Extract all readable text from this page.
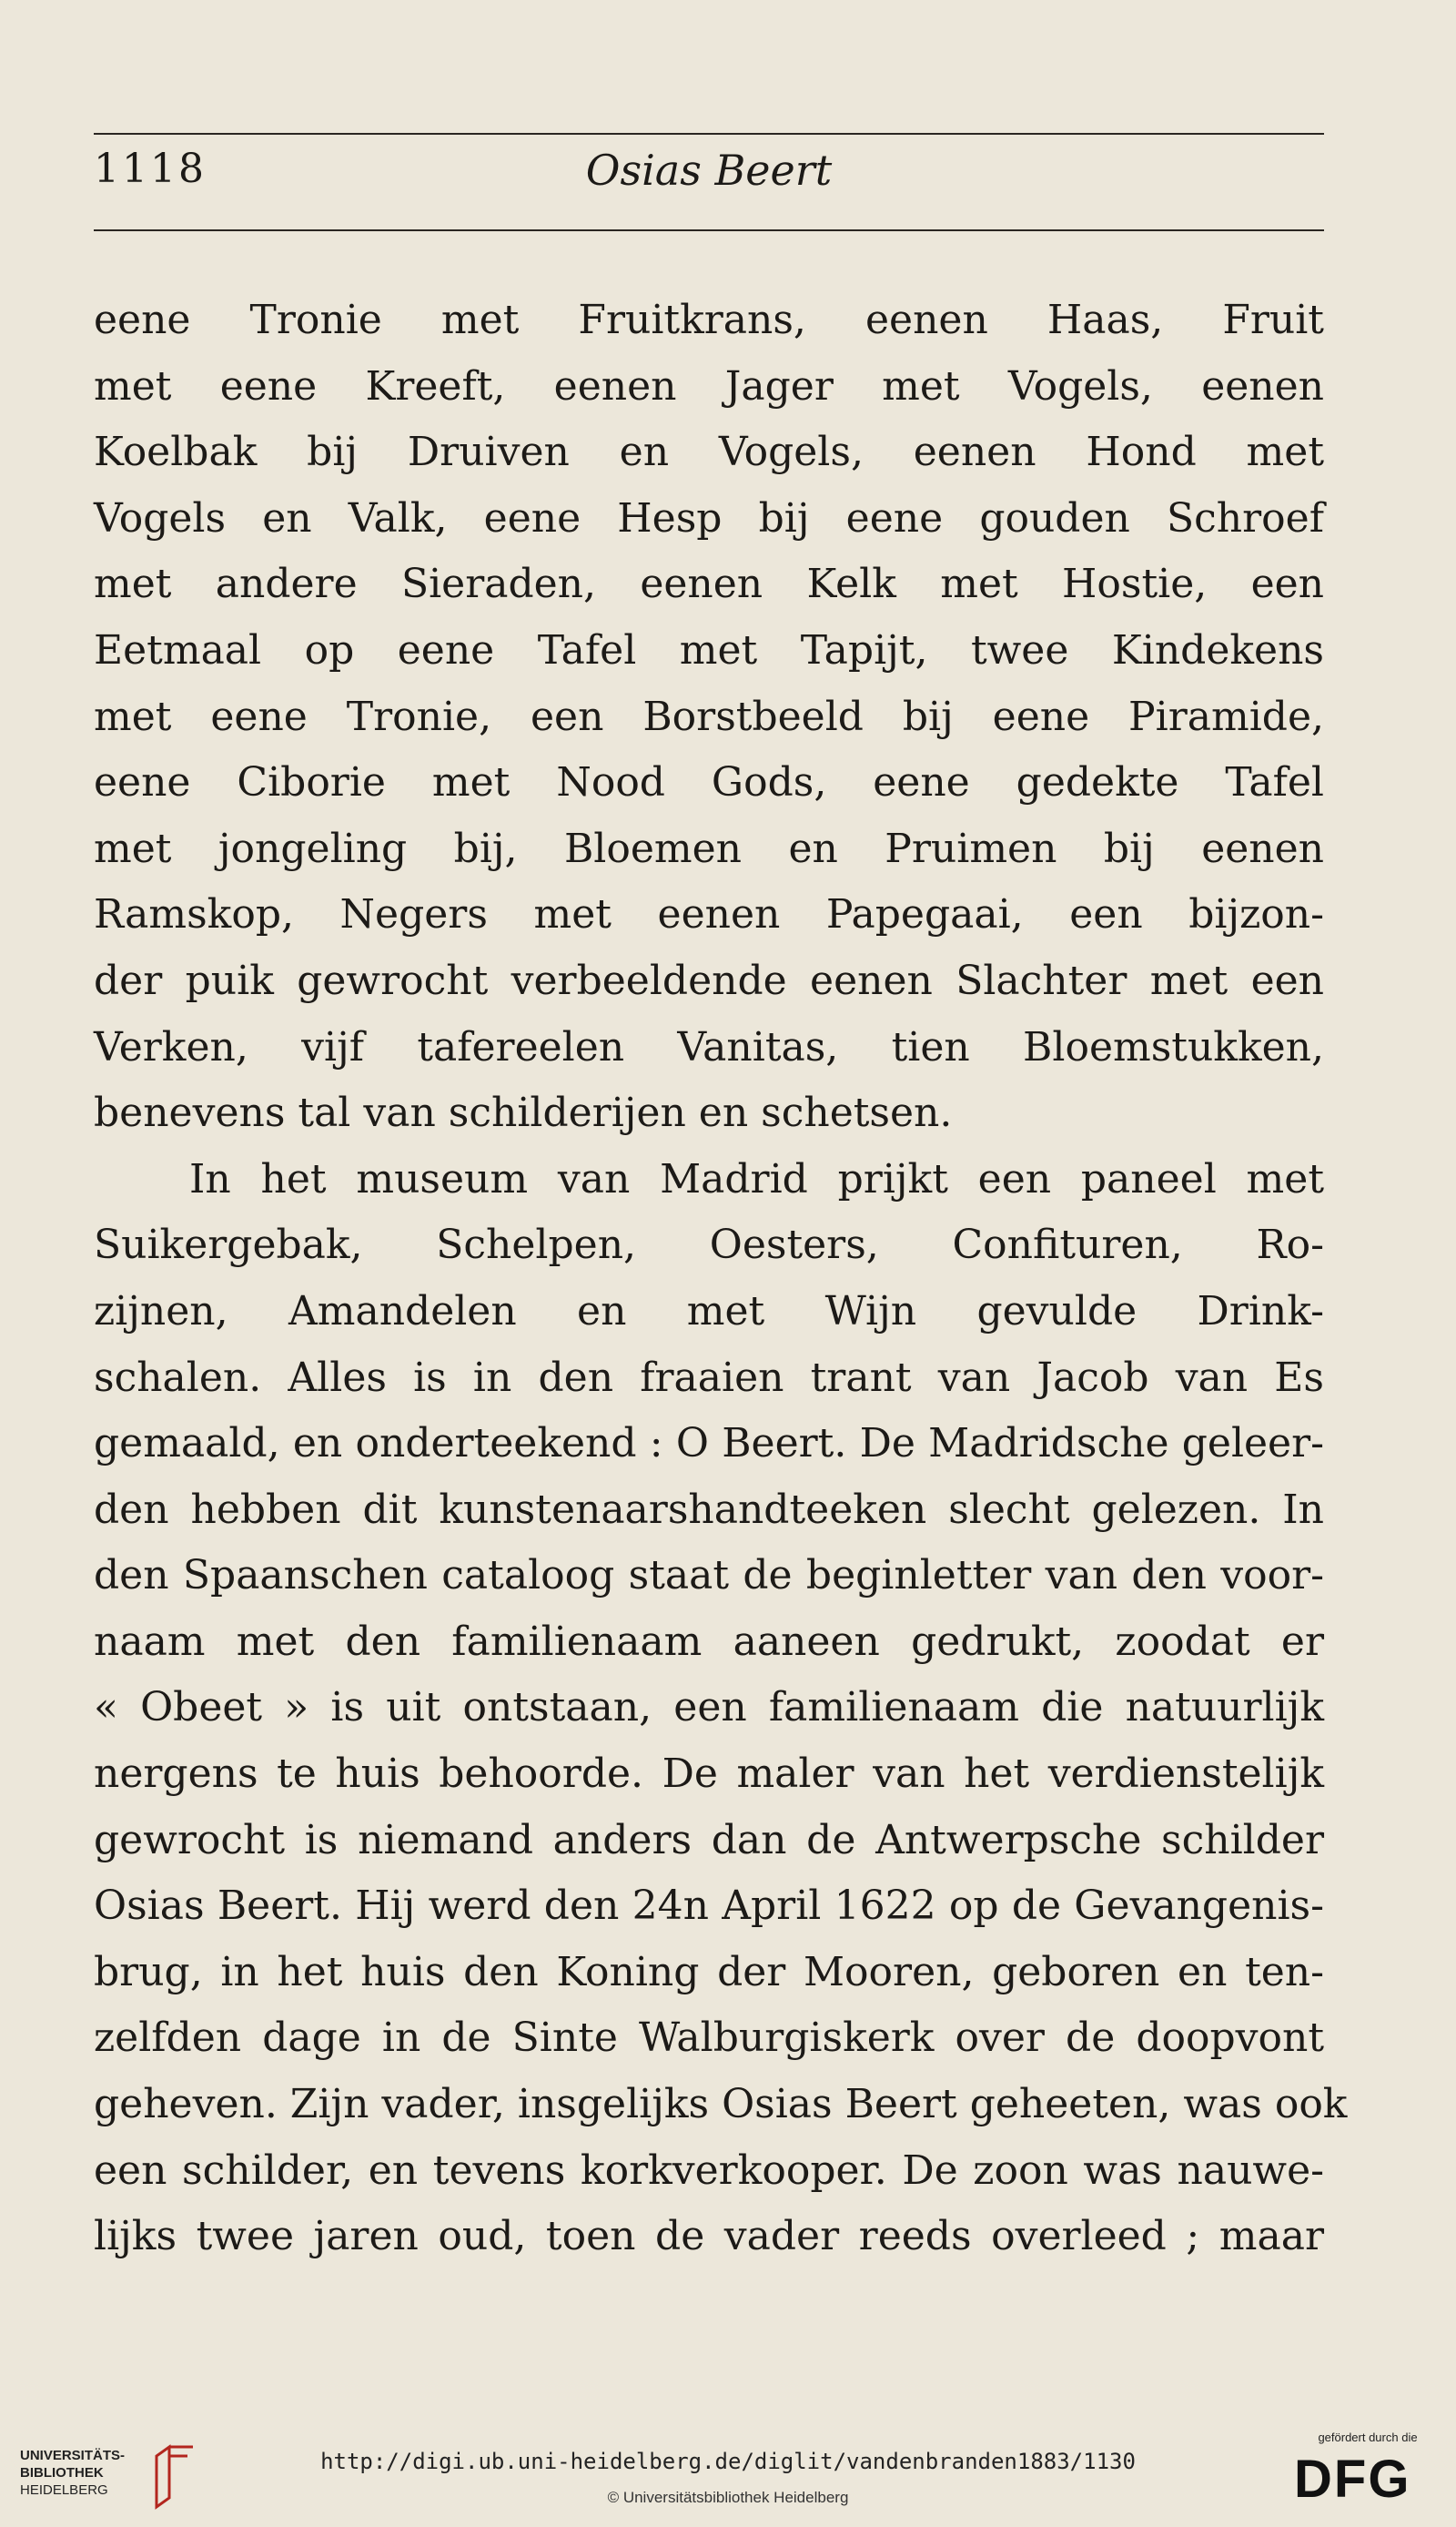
1118	Osias Beert
eene Tronie met Fruitkrans, eenen Haas, Fruit
met eene Kreeft, eenen Jager met Vogels, eenen
Koelbak bij Druiven en Vogels, eenen Hond met
Vogels en Valk, eene Hesp bij eene gouden Schroef
met andere Sieraden, eenen Kelk met Hostie, een
Eetmaal op eene Tafel met Tapijt, twee Kindekens
met eene Tronie, een Borstbeeld bij eene Piramide,
eene Ciborie met Nood Gods, eene gedekte Tafel
met jongeling bij, Bloemen en Pruimen bij eenen
Ramskop, Negers met eenen Papegaai, een bijzon-
der puik gewrocht verbeeldende eenen Slachter met een
Verken, vijf tafereelen Vanitas, tien Bloemstukken,
benevens tal van schilderijen en schetsen.
In het museum van Madrid prijkt een paneel met
Suikergebak, Schelpen, Oesters, Confituren, Ro-
zijnen, Amandelen en met Wijn gevulde Drink-
schalen. Alles is in den fraaien trant van Jacob van Es
gemaald, en onderteekend : O Beert. De Madridsche geleer-
den hebben dit kunstenaarshandteeken slecht gelezen. In
den Spaanschen cataloog staat de beginletter van den voor-
naam met den familienaam aaneen gedrukt, zoodat er
« Obeet » is uit ontstaan, een familienaam die natuurlijk
nergens te huis behoorde. De maler van het verdienstelijk
gewrocht is niemand anders dan de Antwerpsche schilder
Osias Beert. Hij werd den 24n April 1622 op de Gevangenis-
brug, in het huis den Koning der Mooren, geboren en ten-
zelfden dage in de Sinte Walburgiskerk over de doopvont
geheven. Zijn vader, insgelijks Osias Beert geheeten, was ook
een schilder, en tevens korkverkooper. De zoon was nauwe-
lijks twee jaren oud, toen de vader reeds overleed ; maar
UNIVERSITÄTS-
BIBLIOTHEK
HEIDELBERG
http://digi.ub.uni-heidelberg.de/diglit/vandenbranden1883/1130
© Universitätsbibliothek Heidelberg
gefördert durch die
DFG
